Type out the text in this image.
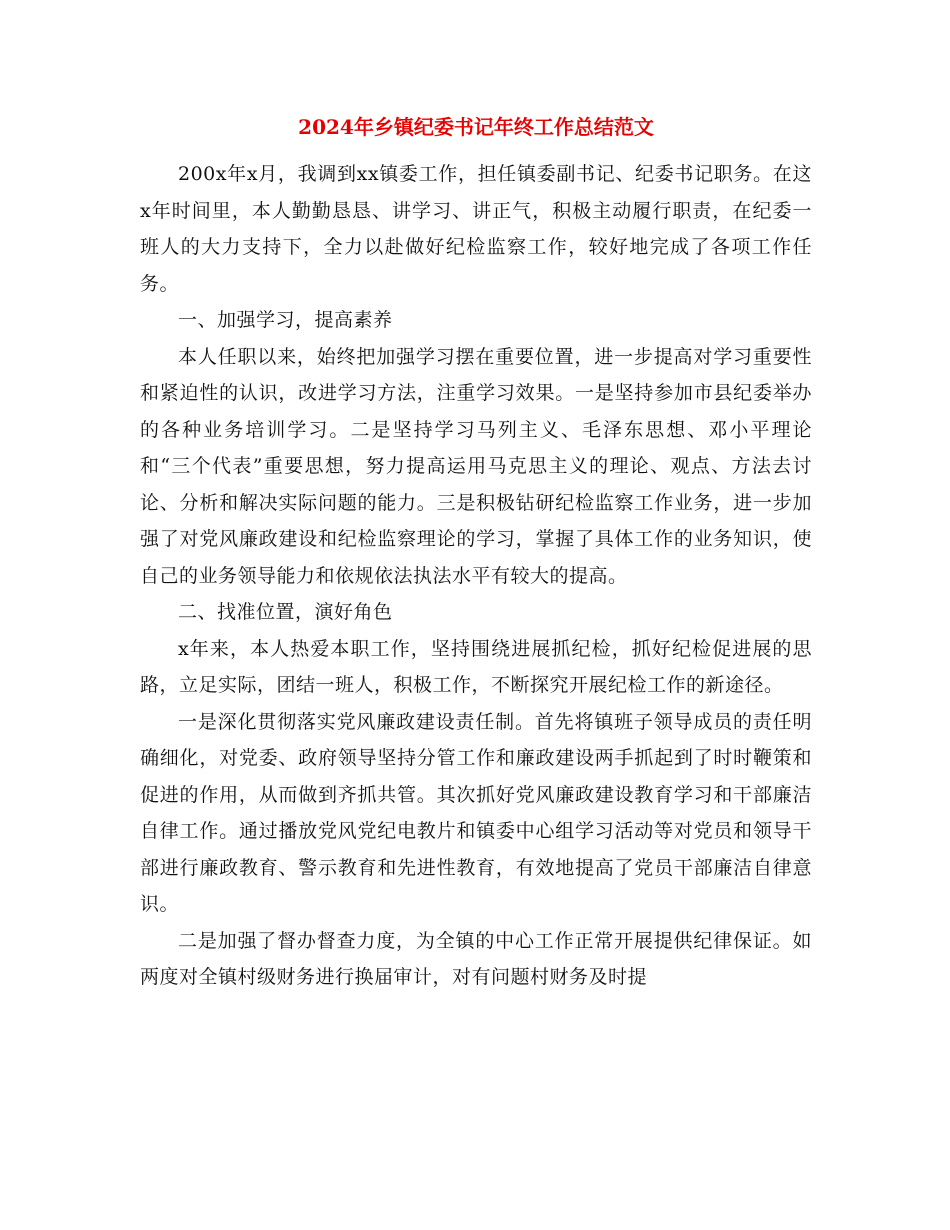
2024年乡镇纪委书记年终工作总结范文

200x年x月，我调到xx镇委工作，担任镇委副书记、纪委书记职务。在这x年时间里，本人勤勤恳恳、讲学习、讲正气，积极主动履行职责，在纪委一班人的大力支持下，全力以赴做好纪检监察工作，较好地完成了各项工作任务。

一、加强学习，提高素养

本人任职以来，始终把加强学习摆在重要位置，进一步提高对学习重要性和紧迫性的认识，改进学习方法，注重学习效果。一是坚持参加市县纪委举办的各种业务培训学习。二是坚持学习马列主义、毛泽东思想、邓小平理论和“三个代表”重要思想，努力提高运用马克思主义的理论、观点、方法去讨论、分析和解决实际问题的能力。三是积极钻研纪检监察工作业务，进一步加强了对党风廉政建设和纪检监察理论的学习，掌握了具体工作的业务知识，使自己的业务领导能力和依规依法执法水平有较大的提高。

二、找准位置，演好角色

x年来，本人热爱本职工作，坚持围绕进展抓纪检，抓好纪检促进展的思路，立足实际，团结一班人，积极工作，不断探究开展纪检工作的新途径。

一是深化贯彻落实党风廉政建设责任制。首先将镇班子领导成员的责任明确细化，对党委、政府领导坚持分管工作和廉政建设两手抓起到了时时鞭策和促进的作用，从而做到齐抓共管。其次抓好党风廉政建设教育学习和干部廉洁自律工作。通过播放党风党纪电教片和镇委中心组学习活动等对党员和领导干部进行廉政教育、警示教育和先进性教育，有效地提高了党员干部廉洁自律意识。

二是加强了督办督查力度，为全镇的中心工作正常开展提供纪律保证。如两度对全镇村级财务进行换届审计，对有问题村财务及时提
